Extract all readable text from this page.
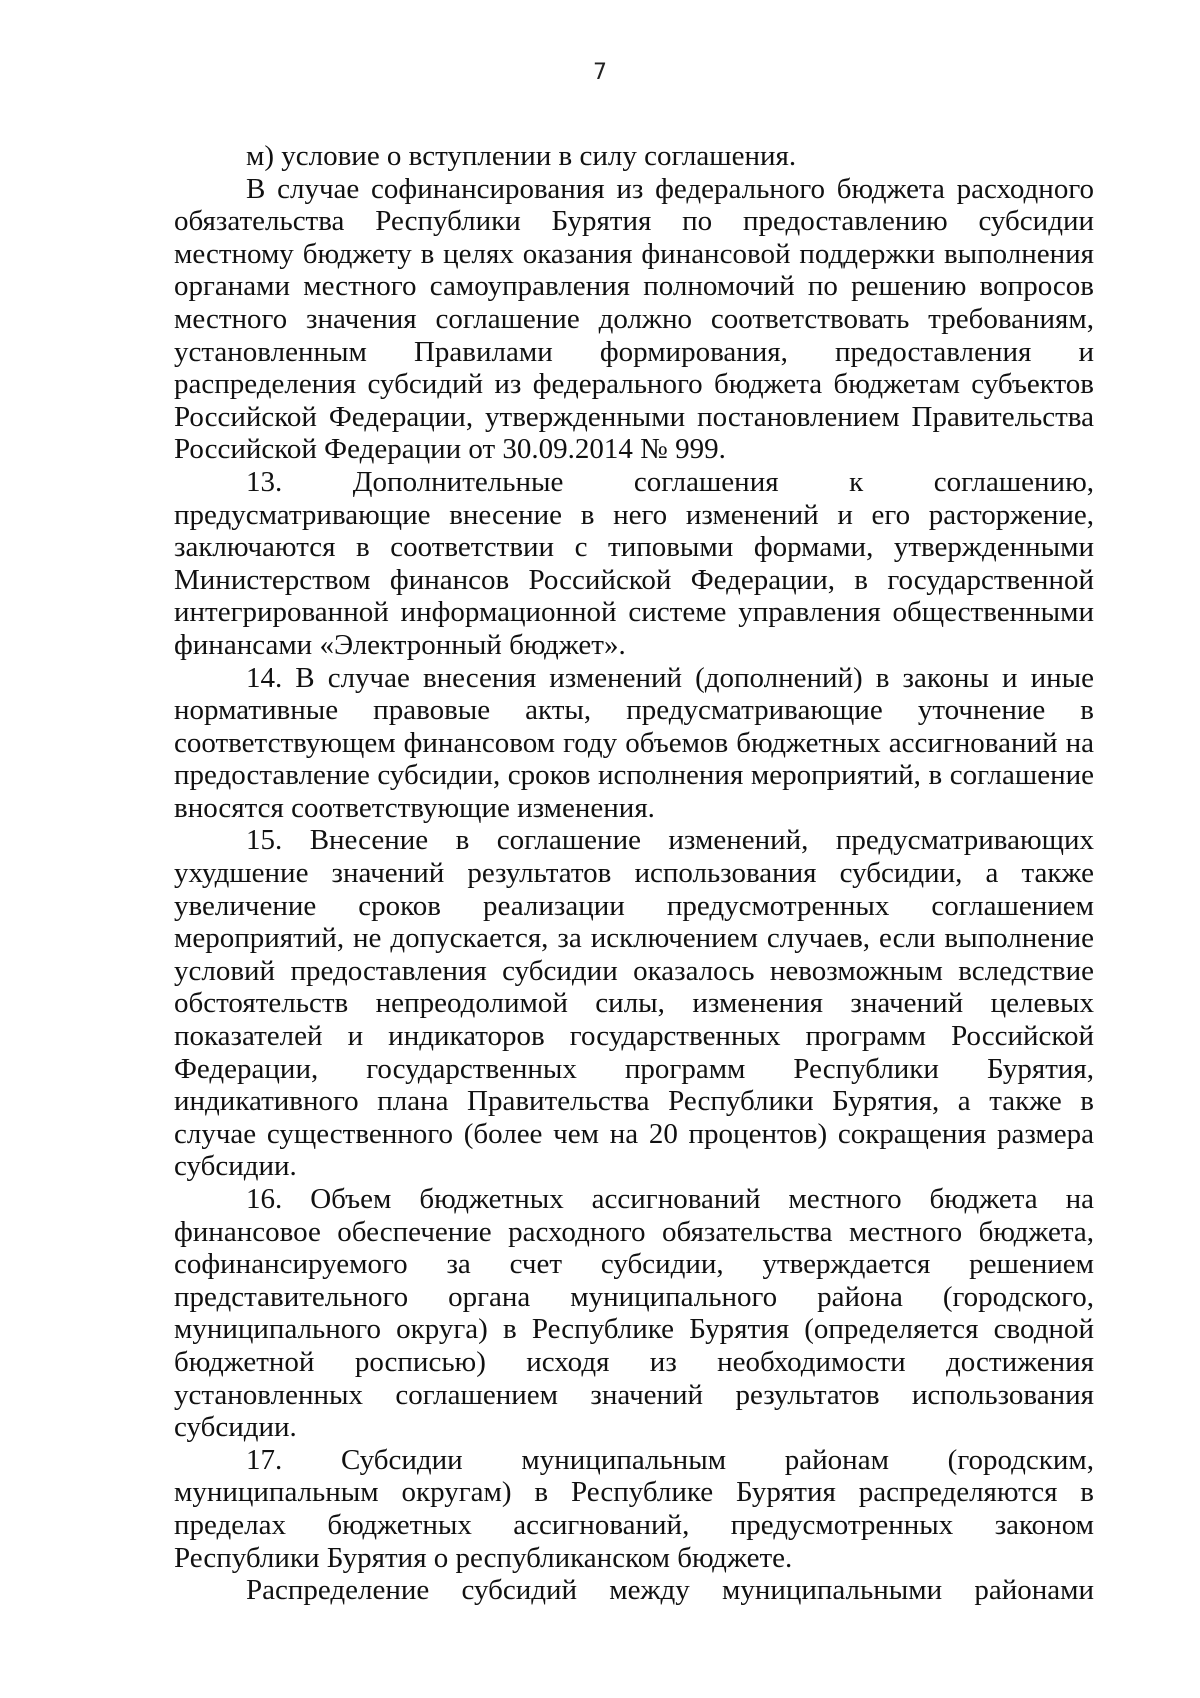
7

м) условие о вступлении в силу соглашения.

В случае софинансирования из федерального бюджета расходного обязательства Республики Бурятия по предоставлению субсидии местному бюджету в целях оказания финансовой поддержки выполнения органами местного самоуправления полномочий по решению вопросов местного значения соглашение должно соответствовать требованиям, установленным Правилами формирования, предоставления и распределения субсидий из федерального бюджета бюджетам субъектов Российской Федерации, утвержденными постановлением Правительства Российской Федерации от 30.09.2014 № 999.

13. Дополнительные соглашения к соглашению, предусматривающие внесение в него изменений и его расторжение, заключаются в соответствии с типовыми формами, утвержденными Министерством финансов Российской Федерации, в государственной интегрированной информационной системе управления общественными финансами «Электронный бюджет».

14. В случае внесения изменений (дополнений) в законы и иные нормативные правовые акты, предусматривающие уточнение в соответствующем финансовом году объемов бюджетных ассигнований на предоставление субсидии, сроков исполнения мероприятий, в соглашение вносятся соответствующие изменения.

15. Внесение в соглашение изменений, предусматривающих ухудшение значений результатов использования субсидии, а также увеличение сроков реализации предусмотренных соглашением мероприятий, не допускается, за исключением случаев, если выполнение условий предоставления субсидии оказалось невозможным вследствие обстоятельств непреодолимой силы, изменения значений целевых показателей и индикаторов государственных программ Российской Федерации, государственных программ Республики Бурятия, индикативного плана Правительства Республики Бурятия, а также в случае существенного (более чем на 20 процентов) сокращения размера субсидии.

16. Объем бюджетных ассигнований местного бюджета на финансовое обеспечение расходного обязательства местного бюджета, софинансируемого за счет субсидии, утверждается решением представительного органа муниципального района (городского, муниципального округа) в Республике Бурятия (определяется сводной бюджетной росписью) исходя из необходимости достижения установленных соглашением значений результатов использования субсидии.

17. Субсидии муниципальным районам (городским, муниципальным округам) в Республике Бурятия распределяются в пределах бюджетных ассигнований, предусмотренных законом Республики Бурятия о республиканском бюджете.

Распределение субсидий между муниципальными районами
